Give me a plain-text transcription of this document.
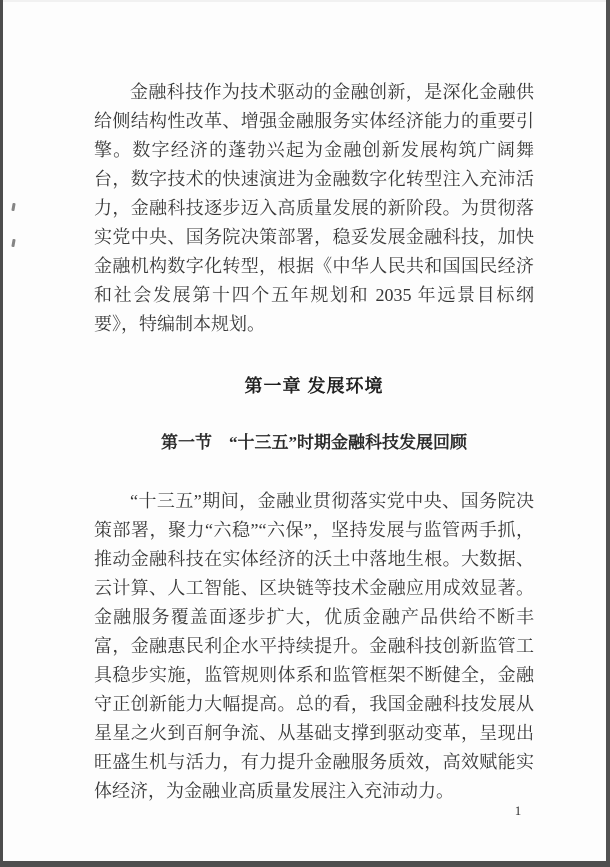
金融科技作为技术驱动的金融创新，是深化金融供给侧结构性改革、增强金融服务实体经济能力的重要引擎。数字经济的蓬勃兴起为金融创新发展构筑广阔舞台，数字技术的快速演进为金融数字化转型注入充沛活力，金融科技逐步迈入高质量发展的新阶段。为贯彻落实党中央、国务院决策部署，稳妥发展金融科技，加快金融机构数字化转型，根据《中华人民共和国国民经济和社会发展第十四个五年规划和 2035 年远景目标纲要》，特编制本规划。

第一章 发展环境
第一节　“十三五”时期金融科技发展回顾

“十三五”期间，金融业贯彻落实党中央、国务院决策部署，聚力“六稳”“六保”，坚持发展与监管两手抓，推动金融科技在实体经济的沃土中落地生根。大数据、云计算、人工智能、区块链等技术金融应用成效显著。金融服务覆盖面逐步扩大，优质金融产品供给不断丰富，金融惠民利企水平持续提升。金融科技创新监管工具稳步实施，监管规则体系和监管框架不断健全，金融守正创新能力大幅提高。总的看，我国金融科技发展从星星之火到百舸争流、从基础支撑到驱动变革，呈现出旺盛生机与活力，有力提升金融服务质效，高效赋能实体经济，为金融业高质量发展注入充沛动力。

1
